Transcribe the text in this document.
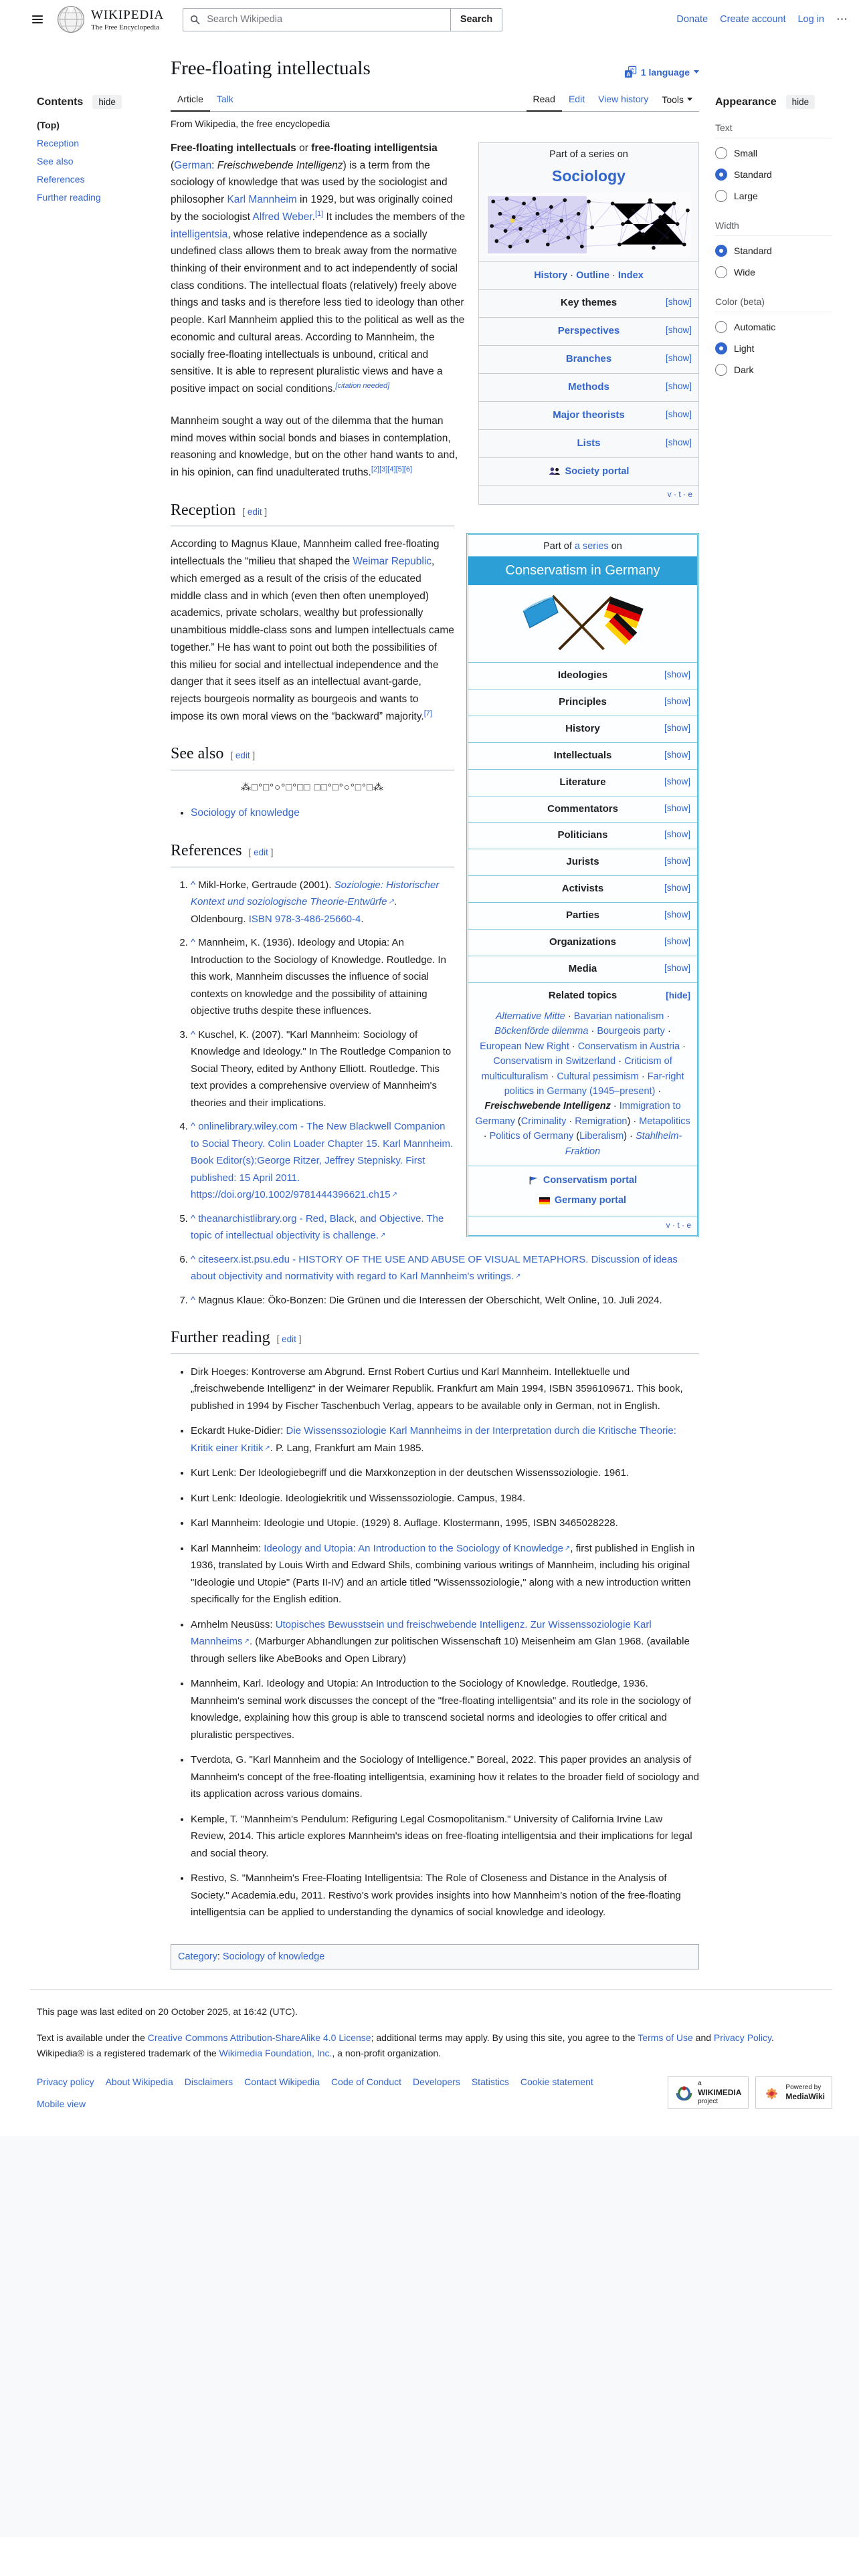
WIKIPEDIA
The Free Encyclopedia
Search Wikipedia
Search	Donate Create account Log in ⋯
Contents	hide
(Top)
Reception
See also
References
Further reading
Free-floating intellectuals	A 1 language
Article	Talk	Read	Edit	View history	Tools
From Wikipedia, the free encyclopedia
Part of a series on
Sociology
History · Outline · Index
Key themes	[show]
Perspectives	[show]
Branches	[show]
Methods	[show]
Major theorists	[show]
Lists	[show]
Society portal
v · t · e
Part of a series on
Conservatism in Germany
Ideologies	[show]
Principles	[show]
History	[show]
Intellectuals	[show]
Literature	[show]
Commentators	[show]
Politicians	[show]
Jurists	[show]
Activists	[show]
Parties	[show]
Organizations	[show]
Media	[show]
Related topics	[hide]
Alternative Mitte · Bavarian nationalism · Böckenförde dilemma · Bourgeois party · European New Right · Conservatism in Austria · Conservatism in Switzerland · Criticism of multiculturalism · Cultural pessimism · Far-right politics in Germany (1945–present) · Freischwebende Intelligenz · Immigration to Germany (Criminality · Remigration) · Metapolitics · Politics of Germany (Liberalism) · Stahlhelm-Fraktion
Conservatism portal
Germany portal
v · t · e

Free-floating intellectuals or free-floating intelligentsia (German: Freischwebende Intelligenz) is a term from the sociology of knowledge that was used by the sociologist and philosopher Karl Mannheim in 1929, but was originally coined by the sociologist Alfred Weber.[1] It includes the members of the intelligentsia, whose relative independence as a socially undefined class allows them to break away from the normative thinking of their environment and to act independently of social class conditions. The intellectual floats (relatively) freely above things and tasks and is therefore less tied to ideology than other people. Karl Mannheim applied this to the political as well as the economic and cultural areas. According to Mannheim, the socially free-floating intellectuals is unbound, critical and sensitive. It is able to represent pluralistic views and have a positive impact on social conditions.[citation needed]

Mannheim sought a way out of the dilemma that the human mind moves within social bonds and biases in contemplation, reasoning and knowledge, but on the other hand wants to and, in his opinion, can find unadulterated truths.[2][3][4][5][6]

Reception [ edit ]

According to Magnus Klaue, Mannheim called free-floating intellectuals the “milieu that shaped the Weimar Republic, which emerged as a result of the crisis of the educated middle class and in which (even then often unemployed) academics, private scholars, wealthy but professionally unambitious middle-class sons and lumpen intellectuals came together.” He has want to point out both the possibilities of this milieu for social and intellectual independence and the danger that it sees itself as an intellectual avant-garde, rejects bourgeois normality as bourgeois and wants to impose its own moral views on the “backward” majority.[7]

See also [ edit ]
⁂□°□°○°□°□□ □□°□°○°□°□⁂
• Sociology of knowledge
References [ edit ]
1. ^ Mikl-Horke, Gertraude (2001). Soziologie: Historischer Kontext und soziologische Theorie-Entwürfe ↗ . Oldenbourg. ISBN 978-3-486-25660-4.
2. ^ Mannheim, K. (1936). Ideology and Utopia: An Introduction to the Sociology of Knowledge. Routledge. In this work, Mannheim discusses the influence of social contexts on knowledge and the possibility of attaining objective truths despite these influences.
3. ^ Kuschel, K. (2007). "Karl Mannheim: Sociology of Knowledge and Ideology." In The Routledge Companion to Social Theory, edited by Anthony Elliott. Routledge. This text provides a comprehensive overview of Mannheim's theories and their implications.
4. ^ onlinelibrary.wiley.com - The New Blackwell Companion to Social Theory. Colin Loader Chapter 15. Karl Mannheim. Book Editor(s):George Ritzer, Jeffrey Stepnisky. First published: 15 April 2011. https://doi.org/10.1002/9781444396621.ch15 ↗
5. ^ theanarchistlibrary.org - Red, Black, and Objective. The topic of intellectual objectivity is challenge. ↗
6. ^ citeseerx.ist.psu.edu - HISTORY OF THE USE AND ABUSE OF VISUAL METAPHORS. Discussion of ideas about objectivity and normativity with regard to Karl Mannheim's writings. ↗
7. ^ Magnus Klaue: Öko-Bonzen: Die Grünen und die Interessen der Oberschicht, Welt Online, 10. Juli 2024.
Further reading [ edit ]
• Dirk Hoeges: Kontroverse am Abgrund. Ernst Robert Curtius und Karl Mannheim. Intellektuelle und „freischwebende Intelligenz“ in der Weimarer Republik. Frankfurt am Main 1994, ISBN 3596109671. This book, published in 1994 by Fischer Taschenbuch Verlag, appears to be available only in German, not in English.
• Eckardt Huke-Didier: Die Wissenssoziologie Karl Mannheims in der Interpretation durch die Kritische Theorie: Kritik einer Kritik ↗ . P. Lang, Frankfurt am Main 1985.
• Kurt Lenk: Der Ideologiebegriff und die Marxkonzeption in der deutschen Wissenssoziologie. 1961.
• Kurt Lenk: Ideologie. Ideologiekritik und Wissenssoziologie. Campus, 1984.
• Karl Mannheim: Ideologie und Utopie. (1929) 8. Auflage. Klostermann, 1995, ISBN 3465028228.
• Karl Mannheim: Ideology and Utopia: An Introduction to the Sociology of Knowledge ↗ , first published in English in 1936, translated by Louis Wirth and Edward Shils, combining various writings of Mannheim, including his original "Ideologie und Utopie" (Parts II-IV) and an article titled "Wissenssoziologie," along with a new introduction written specifically for the English edition.
• Arnhelm Neusüss: Utopisches Bewusstsein und freischwebende Intelligenz. Zur Wissenssoziologie Karl Mannheims ↗ . (Marburger Abhandlungen zur politischen Wissenschaft 10) Meisenheim am Glan 1968. (available through sellers like AbeBooks and Open Library)
• Mannheim, Karl. Ideology and Utopia: An Introduction to the Sociology of Knowledge. Routledge, 1936. Mannheim's seminal work discusses the concept of the "free-floating intelligentsia" and its role in the sociology of knowledge, explaining how this group is able to transcend societal norms and ideologies to offer critical and pluralistic perspectives.
• Tverdota, G. "Karl Mannheim and the Sociology of Intelligence." Boreal, 2022. This paper provides an analysis of Mannheim's concept of the free-floating intelligentsia, examining how it relates to the broader field of sociology and its application across various domains.
• Kemple, T. "Mannheim's Pendulum: Refiguring Legal Cosmopolitanism." University of California Irvine Law Review, 2014. This article explores Mannheim's ideas on free-floating intelligentsia and their implications for legal and social theory.
• Restivo, S. "Mannheim's Free-Floating Intelligentsia: The Role of Closeness and Distance in the Analysis of Society." Academia.edu, 2011. Restivo's work provides insights into how Mannheim’s notion of the free-floating intelligentsia can be applied to understanding the dynamics of social knowledge and ideology.
Category: Sociology of knowledge
Appearance	hide
Text
Small
Standard
Large
Width
Standard
Wide
Color (beta)
Automatic
Light
Dark

This page was last edited on 20 October 2025, at 16:42 (UTC).

Text is available under the Creative Commons Attribution-ShareAlike 4.0 License; additional terms may apply. By using this site, you agree to the Terms of Use and Privacy Policy. Wikipedia® is a registered trademark of the Wikimedia Foundation, Inc., a non-profit organization.

Privacy policy About Wikipedia Disclaimers Contact Wikipedia Code of Conduct Developers Statistics Cookie statement
Mobile view
a
WIKIMEDIA
project
Powered by
MediaWiki
